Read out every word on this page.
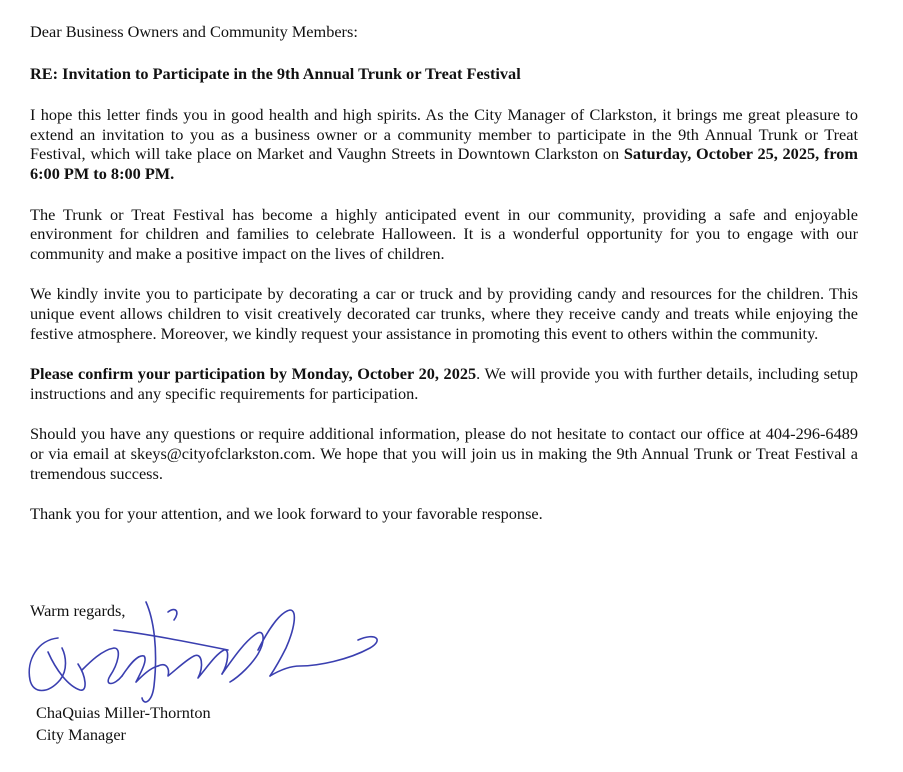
Dear Business Owners and Community Members:

RE: Invitation to Participate in the 9th Annual Trunk or Treat Festival

I hope this letter finds you in good health and high spirits. As the City Manager of Clarkston, it brings me great pleasure to extend an invitation to you as a business owner or a community member to participate in the 9th Annual Trunk or Treat Festival, which will take place on Market and Vaughn Streets in Downtown Clarkston on Saturday, October 25, 2025, from 6:00 PM to 8:00 PM.

The Trunk or Treat Festival has become a highly anticipated event in our community, providing a safe and enjoyable environment for children and families to celebrate Halloween. It is a wonderful opportunity for you to engage with our community and make a positive impact on the lives of children.

We kindly invite you to participate by decorating a car or truck and by providing candy and resources for the children. This unique event allows children to visit creatively decorated car trunks, where they receive candy and treats while enjoying the festive atmosphere. Moreover, we kindly request your assistance in promoting this event to others within the community.

Please confirm your participation by Monday, October 20, 2025. We will provide you with further details, including setup instructions and any specific requirements for participation.

Should you have any questions or require additional information, please do not hesitate to contact our office at 404-296-6489 or via email at skeys@cityofclarkston.com. We hope that you will join us in making the 9th Annual Trunk or Treat Festival a tremendous success.

Thank you for your attention, and we look forward to your favorable response.

Warm regards,
ChaQuias Miller-Thornton
City Manager
